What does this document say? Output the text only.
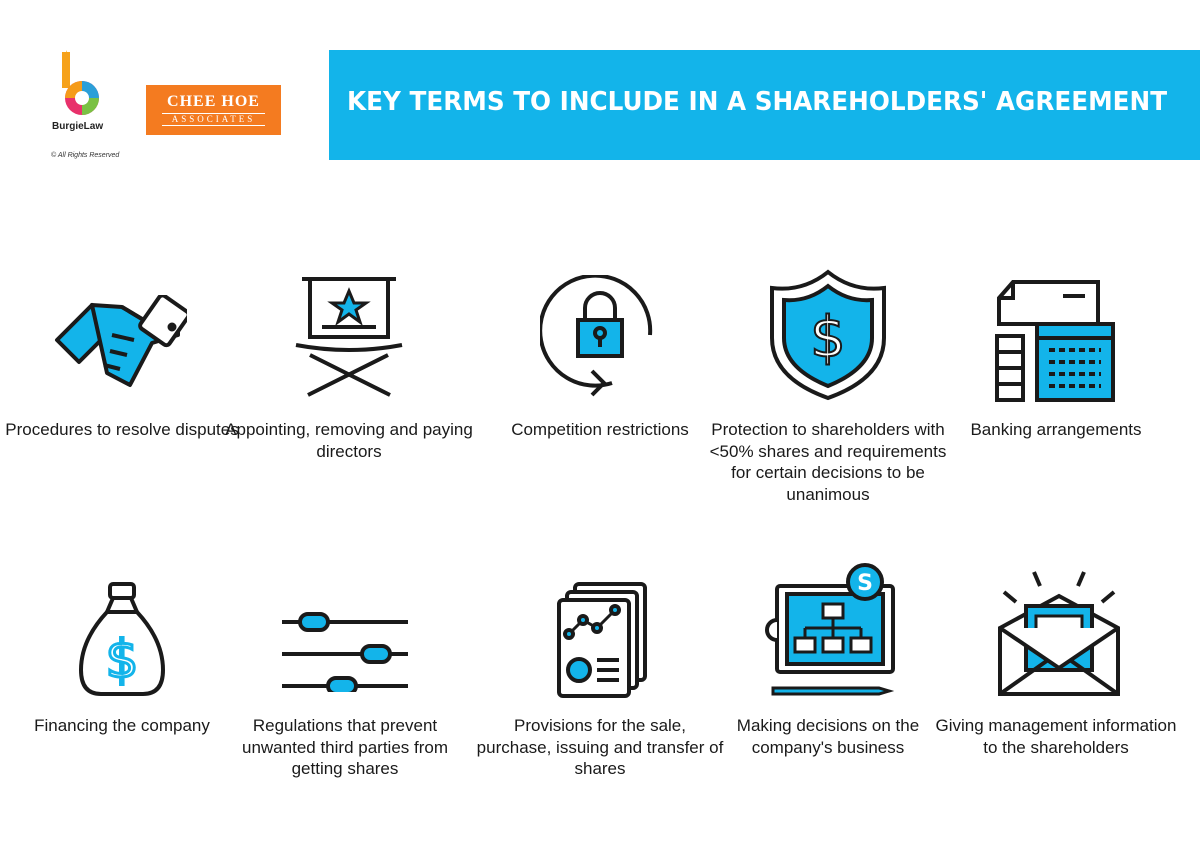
BurgieLaw
© All Rights Reserved
CHEE HOE
ASSOCIATES
KEY TERMS TO INCLUDE IN A SHAREHOLDERS' AGREEMENT
Procedures to resolve disputes
Appointing, removing and paying directors
Competition restrictions
$
Protection to shareholders with <50% shares and requirements for certain decisions to be unanimous
Banking arrangements
$
Financing the company	Regulations that prevent unwanted third parties from getting shares
Provisions for the sale, purchase, issuing and transfer of shares
S
Making decisions on the company's business
Giving management information to the shareholders
